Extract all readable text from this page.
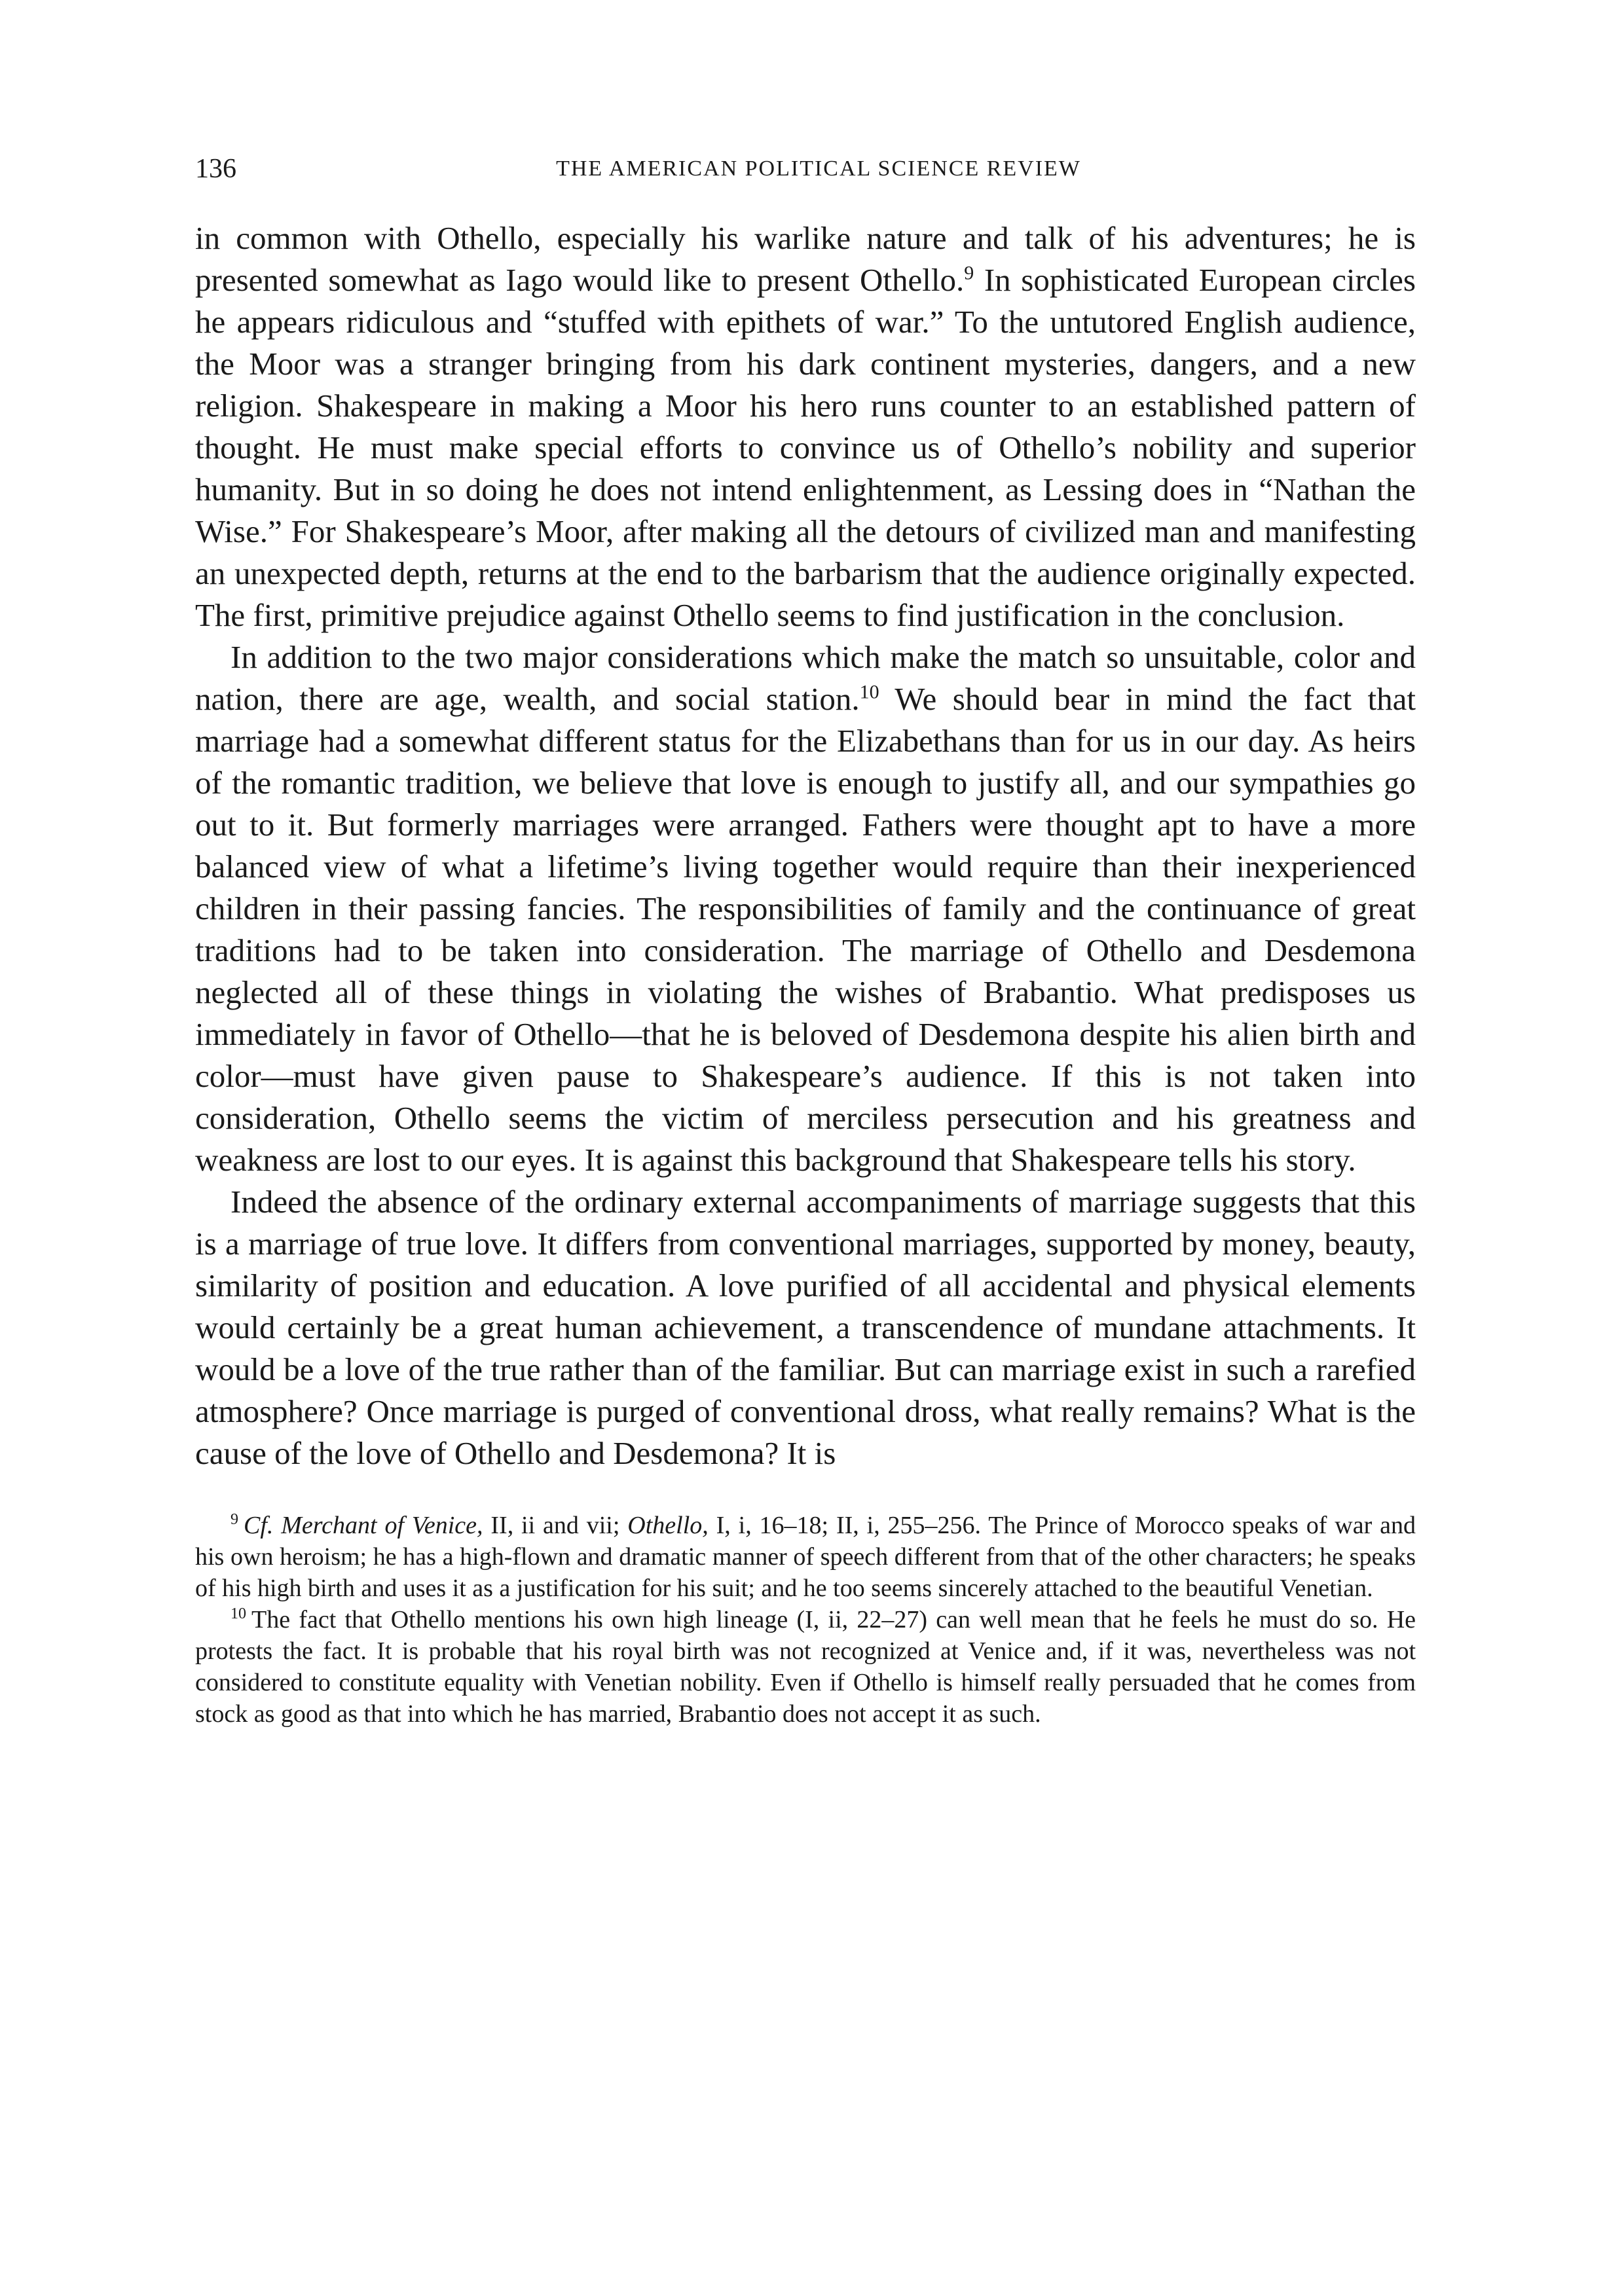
136	THE AMERICAN POLITICAL SCIENCE REVIEW

in common with Othello, especially his warlike nature and talk of his adventures; he is presented somewhat as Iago would like to present Othello.$^9$ In sophisticated European circles he appears ridiculous and “stuffed with epithets of war.” To the untutored English audience, the Moor was a stranger bringing from his dark continent mysteries, dangers, and a new religion. Shakespeare in making a Moor his hero runs counter to an established pattern of thought. He must make special efforts to convince us of Othello’s nobility and superior humanity. But in so doing he does not intend enlightenment, as Lessing does in “Nathan the Wise.” For Shakespeare’s Moor, after making all the detours of civilized man and manifesting an unexpected depth, returns at the end to the barbarism that the audience originally expected. The first, primitive prejudice against Othello seems to find justification in the conclusion.

In addition to the two major considerations which make the match so unsuitable, color and nation, there are age, wealth, and social station.$^{10}$ We should bear in mind the fact that marriage had a somewhat different status for the Elizabethans than for us in our day. As heirs of the romantic tradition, we believe that love is enough to justify all, and our sympathies go out to it. But formerly marriages were arranged. Fathers were thought apt to have a more balanced view of what a lifetime’s living together would require than their inexperienced children in their passing fancies. The responsibilities of family and the continuance of great traditions had to be taken into consideration. The marriage of Othello and Desdemona neglected all of these things in violating the wishes of Brabantio. What predisposes us immediately in favor of Othello—that he is beloved of Desdemona despite his alien birth and color—must have given pause to Shakespeare’s audience. If this is not taken into consideration, Othello seems the victim of merciless persecution and his greatness and weakness are lost to our eyes. It is against this background that Shakespeare tells his story.

Indeed the absence of the ordinary external accompaniments of marriage suggests that this is a marriage of true love. It differs from conventional marriages, supported by money, beauty, similarity of position and education. A love purified of all accidental and physical elements would certainly be a great human achievement, a transcendence of mundane attachments. It would be a love of the true rather than of the familiar. But can marriage exist in such a rarefied atmosphere? Once marriage is purged of conventional dross, what really remains? What is the cause of the love of Othello and Desdemona? It is

$^9$ Cf. Merchant of Venice, II, ii and vii; Othello, I, i, 16–18; II, i, 255–256. The Prince of Morocco speaks of war and his own heroism; he has a high-flown and dramatic manner of speech different from that of the other characters; he speaks of his high birth and uses it as a justification for his suit; and he too seems sincerely attached to the beautiful Venetian.

$^{10}$ The fact that Othello mentions his own high lineage (I, ii, 22–27) can well mean that he feels he must do so. He protests the fact. It is probable that his royal birth was not recognized at Venice and, if it was, nevertheless was not considered to constitute equality with Venetian nobility. Even if Othello is himself really persuaded that he comes from stock as good as that into which he has married, Brabantio does not accept it as such.
